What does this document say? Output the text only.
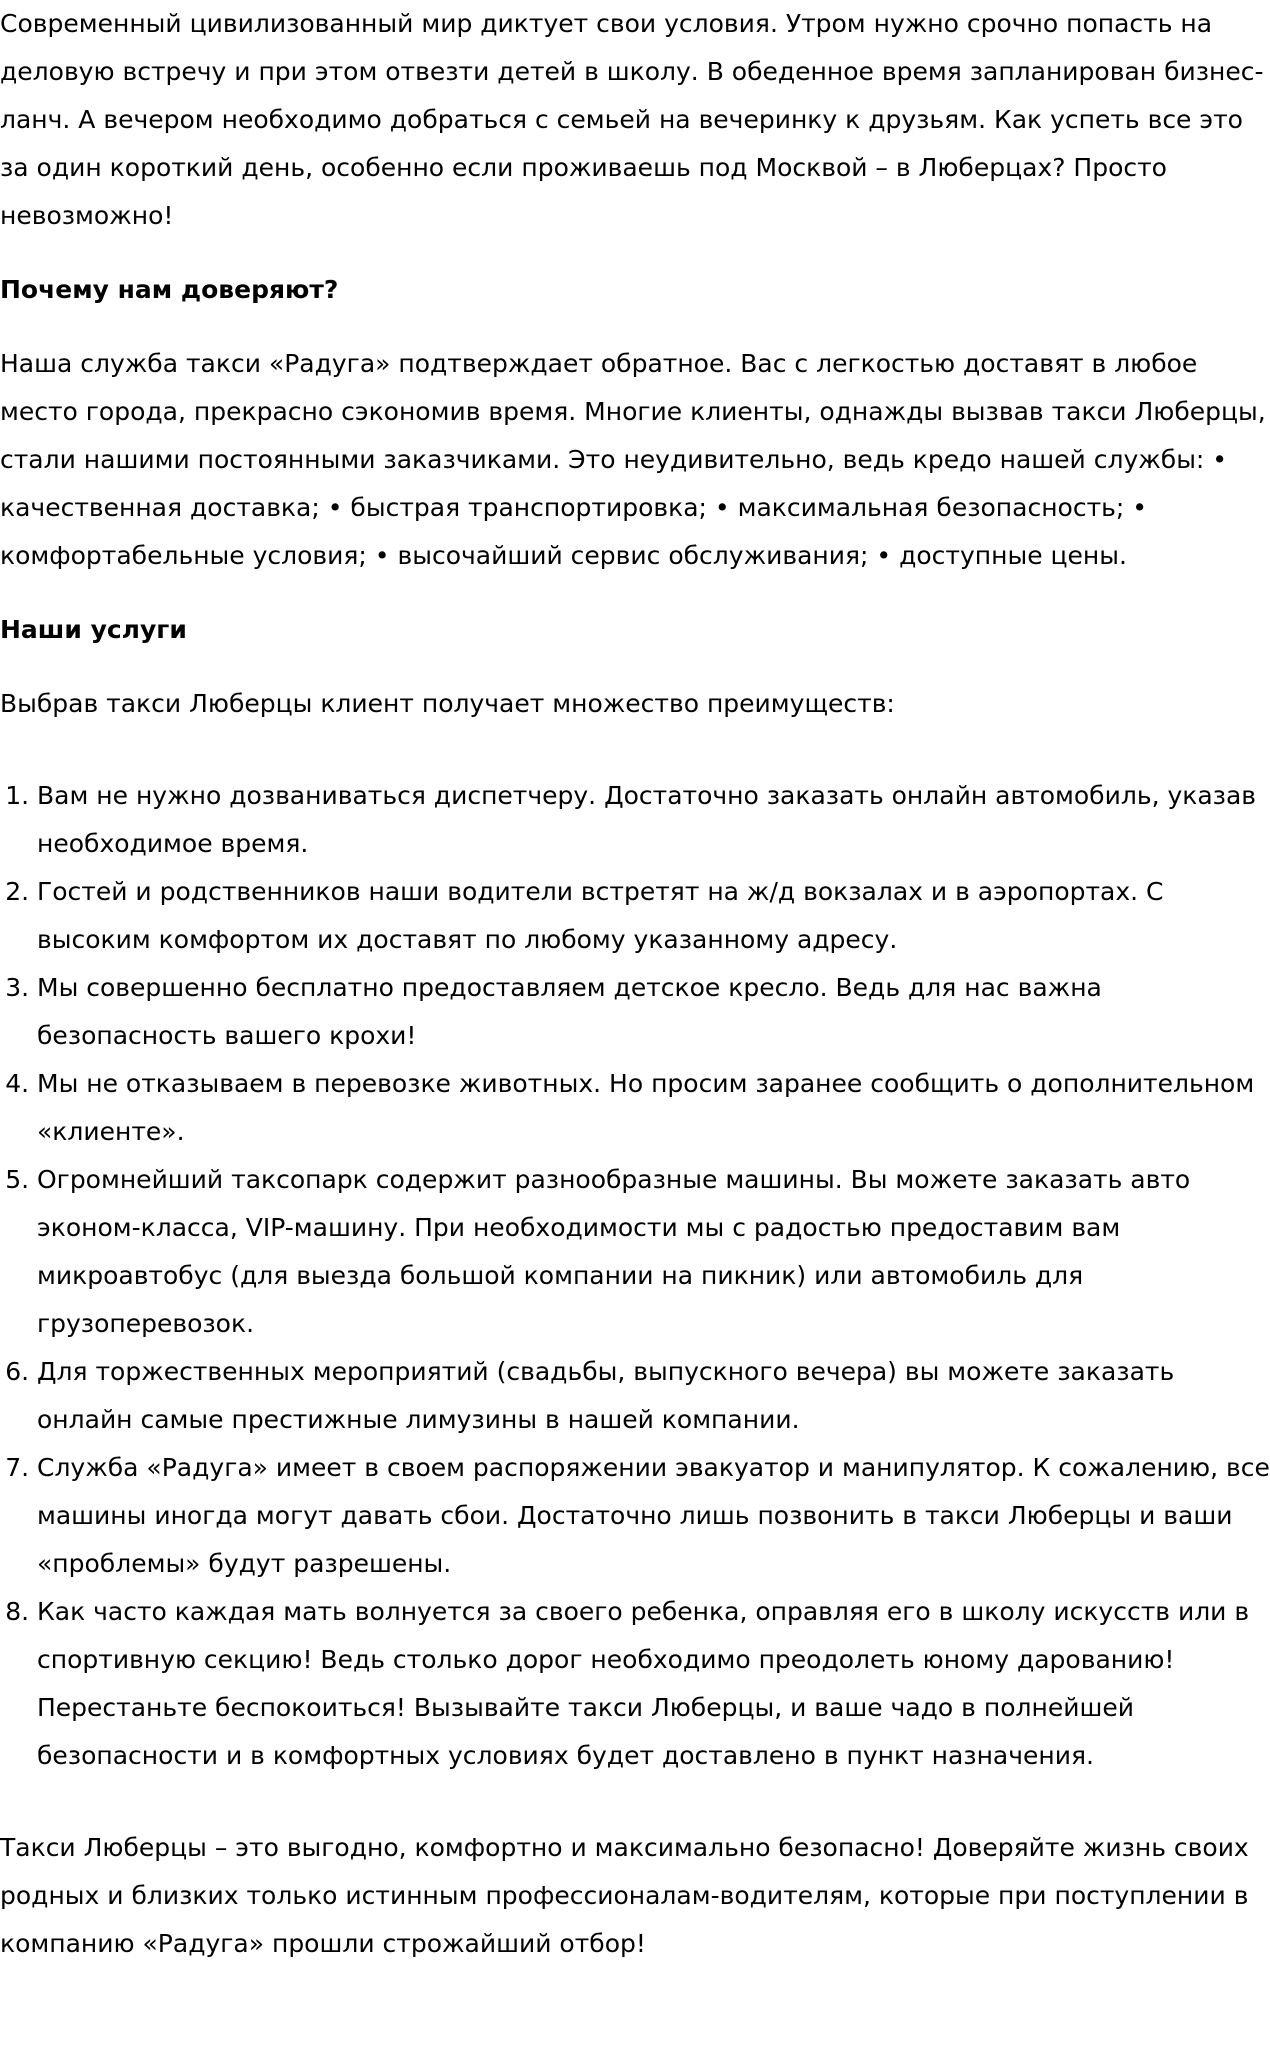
Современный цивилизованный мир диктует свои условия. Утром нужно срочно попасть на деловую встречу и при этом отвезти детей в школу. В обеденное время запланирован бизнес-ланч. А вечером необходимо добраться с семьей на вечеринку к друзьям. Как успеть все это за один короткий день, особенно если проживаешь под Москвой – в Люберцах? Просто невозможно!

Почему нам доверяют?

Наша служба такси «Радуга» подтверждает обратное. Вас с легкостью доставят в любое место города, прекрасно сэкономив время. Многие клиенты, однажды вызвав такси Люберцы, стали нашими постоянными заказчиками. Это неудивительно, ведь кредо нашей службы: • качественная доставка; • быстрая транспортировка; • максимальная безопасность; • комфортабельные условия; • высочайший сервис обслуживания; • доступные цены.

Наши услуги

Выбрав такси Люберцы клиент получает множество преимуществ:

1. Вам не нужно дозваниваться диспетчеру. Достаточно заказать онлайн автомобиль, указав необходимое время.
2. Гостей и родственников наши водители встретят на ж/д вокзалах и в аэропортах. С высоким комфортом их доставят по любому указанному адресу.
3. Мы совершенно бесплатно предоставляем детское кресло. Ведь для нас важна безопасность вашего крохи!
4. Мы не отказываем в перевозке животных. Но просим заранее сообщить о дополнительном «клиенте».
5. Огромнейший таксопарк содержит разнообразные машины. Вы можете заказать авто эконом-класса, VIP-машину. При необходимости мы с радостью предоставим вам микроавтобус (для выезда большой компании на пикник) или автомобиль для грузоперевозок.
6. Для торжественных мероприятий (свадьбы, выпускного вечера) вы можете заказать онлайн самые престижные лимузины в нашей компании.
7. Служба «Радуга» имеет в своем распоряжении эвакуатор и манипулятор. К сожалению, все машины иногда могут давать сбои. Достаточно лишь позвонить в такси Люберцы и ваши «проблемы» будут разрешены.
8. Как часто каждая мать волнуется за своего ребенка, оправляя его в школу искусств или в спортивную секцию! Ведь столько дорог необходимо преодолеть юному дарованию! Перестаньте беспокоиться! Вызывайте такси Люберцы, и ваше чадо в полнейшей безопасности и в комфортных условиях будет доставлено в пункт назначения.

Такси Люберцы – это выгодно, комфортно и максимально безопасно! Доверяйте жизнь своих родных и близких только истинным профессионалам-водителям, которые при поступлении в компанию «Радуга» прошли строжайший отбор!
